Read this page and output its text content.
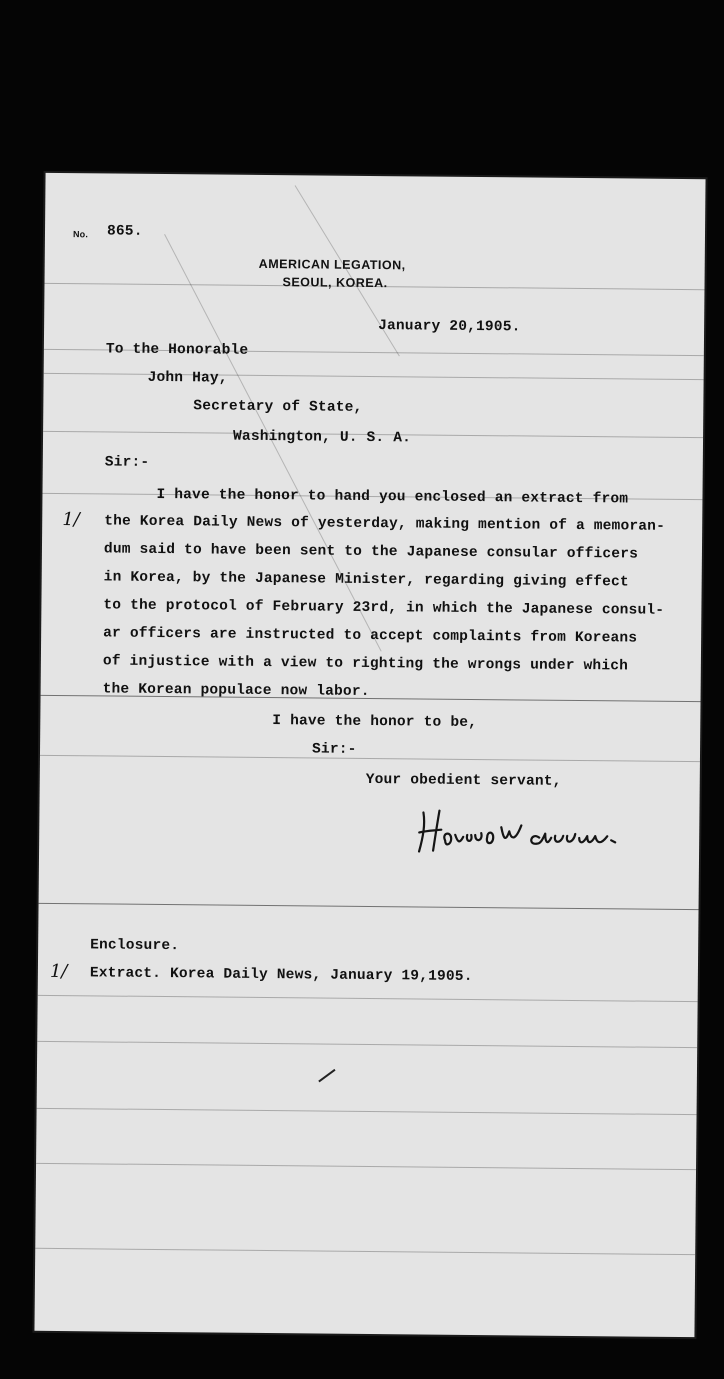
No. 865.
AMERICAN LEGATION,
SEOUL, KOREA.
January 20,1905.
To the Honorable
John Hay,
Secretary of State,
Washington, U. S. A.
Sir:-
1/
I have the honor to hand you enclosed an extract from
the Korea Daily News of yesterday, making mention of a memoran-
dum said to have been sent to the Japanese consular officers
in Korea, by the Japanese Minister, regarding giving effect
to the protocol of February 23rd, in which the Japanese consul-
ar officers are instructed to accept complaints from Koreans
of injustice with a view to righting the wrongs under which
the Korean populace now labor.
I have the honor to be,
Sir:-
Your obedient servant,
Enclosure.
1/ Extract. Korea Daily News, January 19,1905.
